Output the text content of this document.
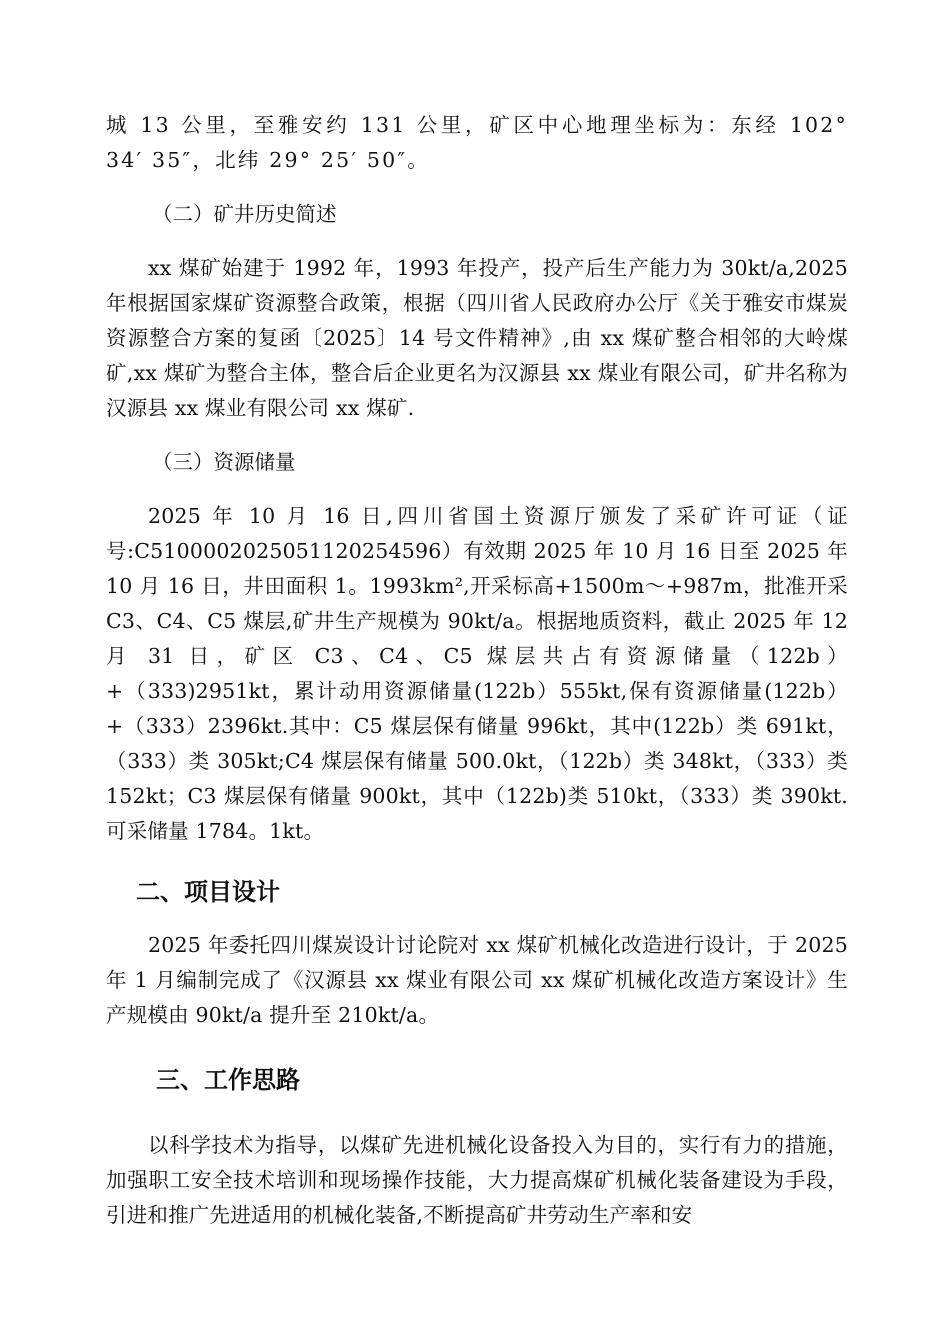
城 13 公里，至雅安约 131 公里，矿区中心地理坐标为：东经 102° 34′ 35″，北纬 29° 25′ 50″。

（二）矿井历史简述

xx 煤矿始建于 1992 年，1993 年投产，投产后生产能力为 30kt/a,2025 年根据国家煤矿资源整合政策，根据（四川省人民政府办公厅《关于雅安市煤炭资源整合方案的复函〔2025〕14 号文件精神》,由 xx 煤矿整合相邻的大岭煤矿,xx 煤矿为整合主体，整合后企业更名为汉源县 xx 煤业有限公司，矿井名称为汉源县 xx 煤业有限公司 xx 煤矿.

（三）资源储量

2025 年 10 月 16 日,四川省国土资源厅颁发了采矿许可证（证号:C5100002025051120254596）有效期 2025 年 10 月 16 日至 2025 年 10 月 16 日，井田面积 1。1993km²,开采标高+1500m～+987m，批准开采 C3、C4、C5 煤层,矿井生产规模为 90kt/a。根据地质资料，截止 2025 年 12 月 31 日，矿区 C3、C4、C5 煤层共占有资源储量（122b）+（333)2951kt，累计动用资源储量(122b）555kt,保有资源储量(122b）+（333）2396kt.其中：C5 煤层保有储量 996kt，其中(122b）类 691kt，（333）类 305kt;C4 煤层保有储量 500.0kt，（122b）类 348kt，（333）类 152kt；C3 煤层保有储量 900kt，其中（122b)类 510kt，（333）类 390kt.可采储量 1784。1kt。

二、项目设计

2025 年委托四川煤炭设计讨论院对 xx 煤矿机械化改造进行设计，于 2025 年 1 月编制完成了《汉源县 xx 煤业有限公司 xx 煤矿机械化改造方案设计》生产规模由 90kt/a 提升至 210kt/a。

三、工作思路

以科学技术为指导，以煤矿先进机械化设备投入为目的，实行有力的措施，加强职工安全技术培训和现场操作技能，大力提高煤矿机械化装备建设为手段，引进和推广先进适用的机械化装备,不断提高矿井劳动生产率和安
